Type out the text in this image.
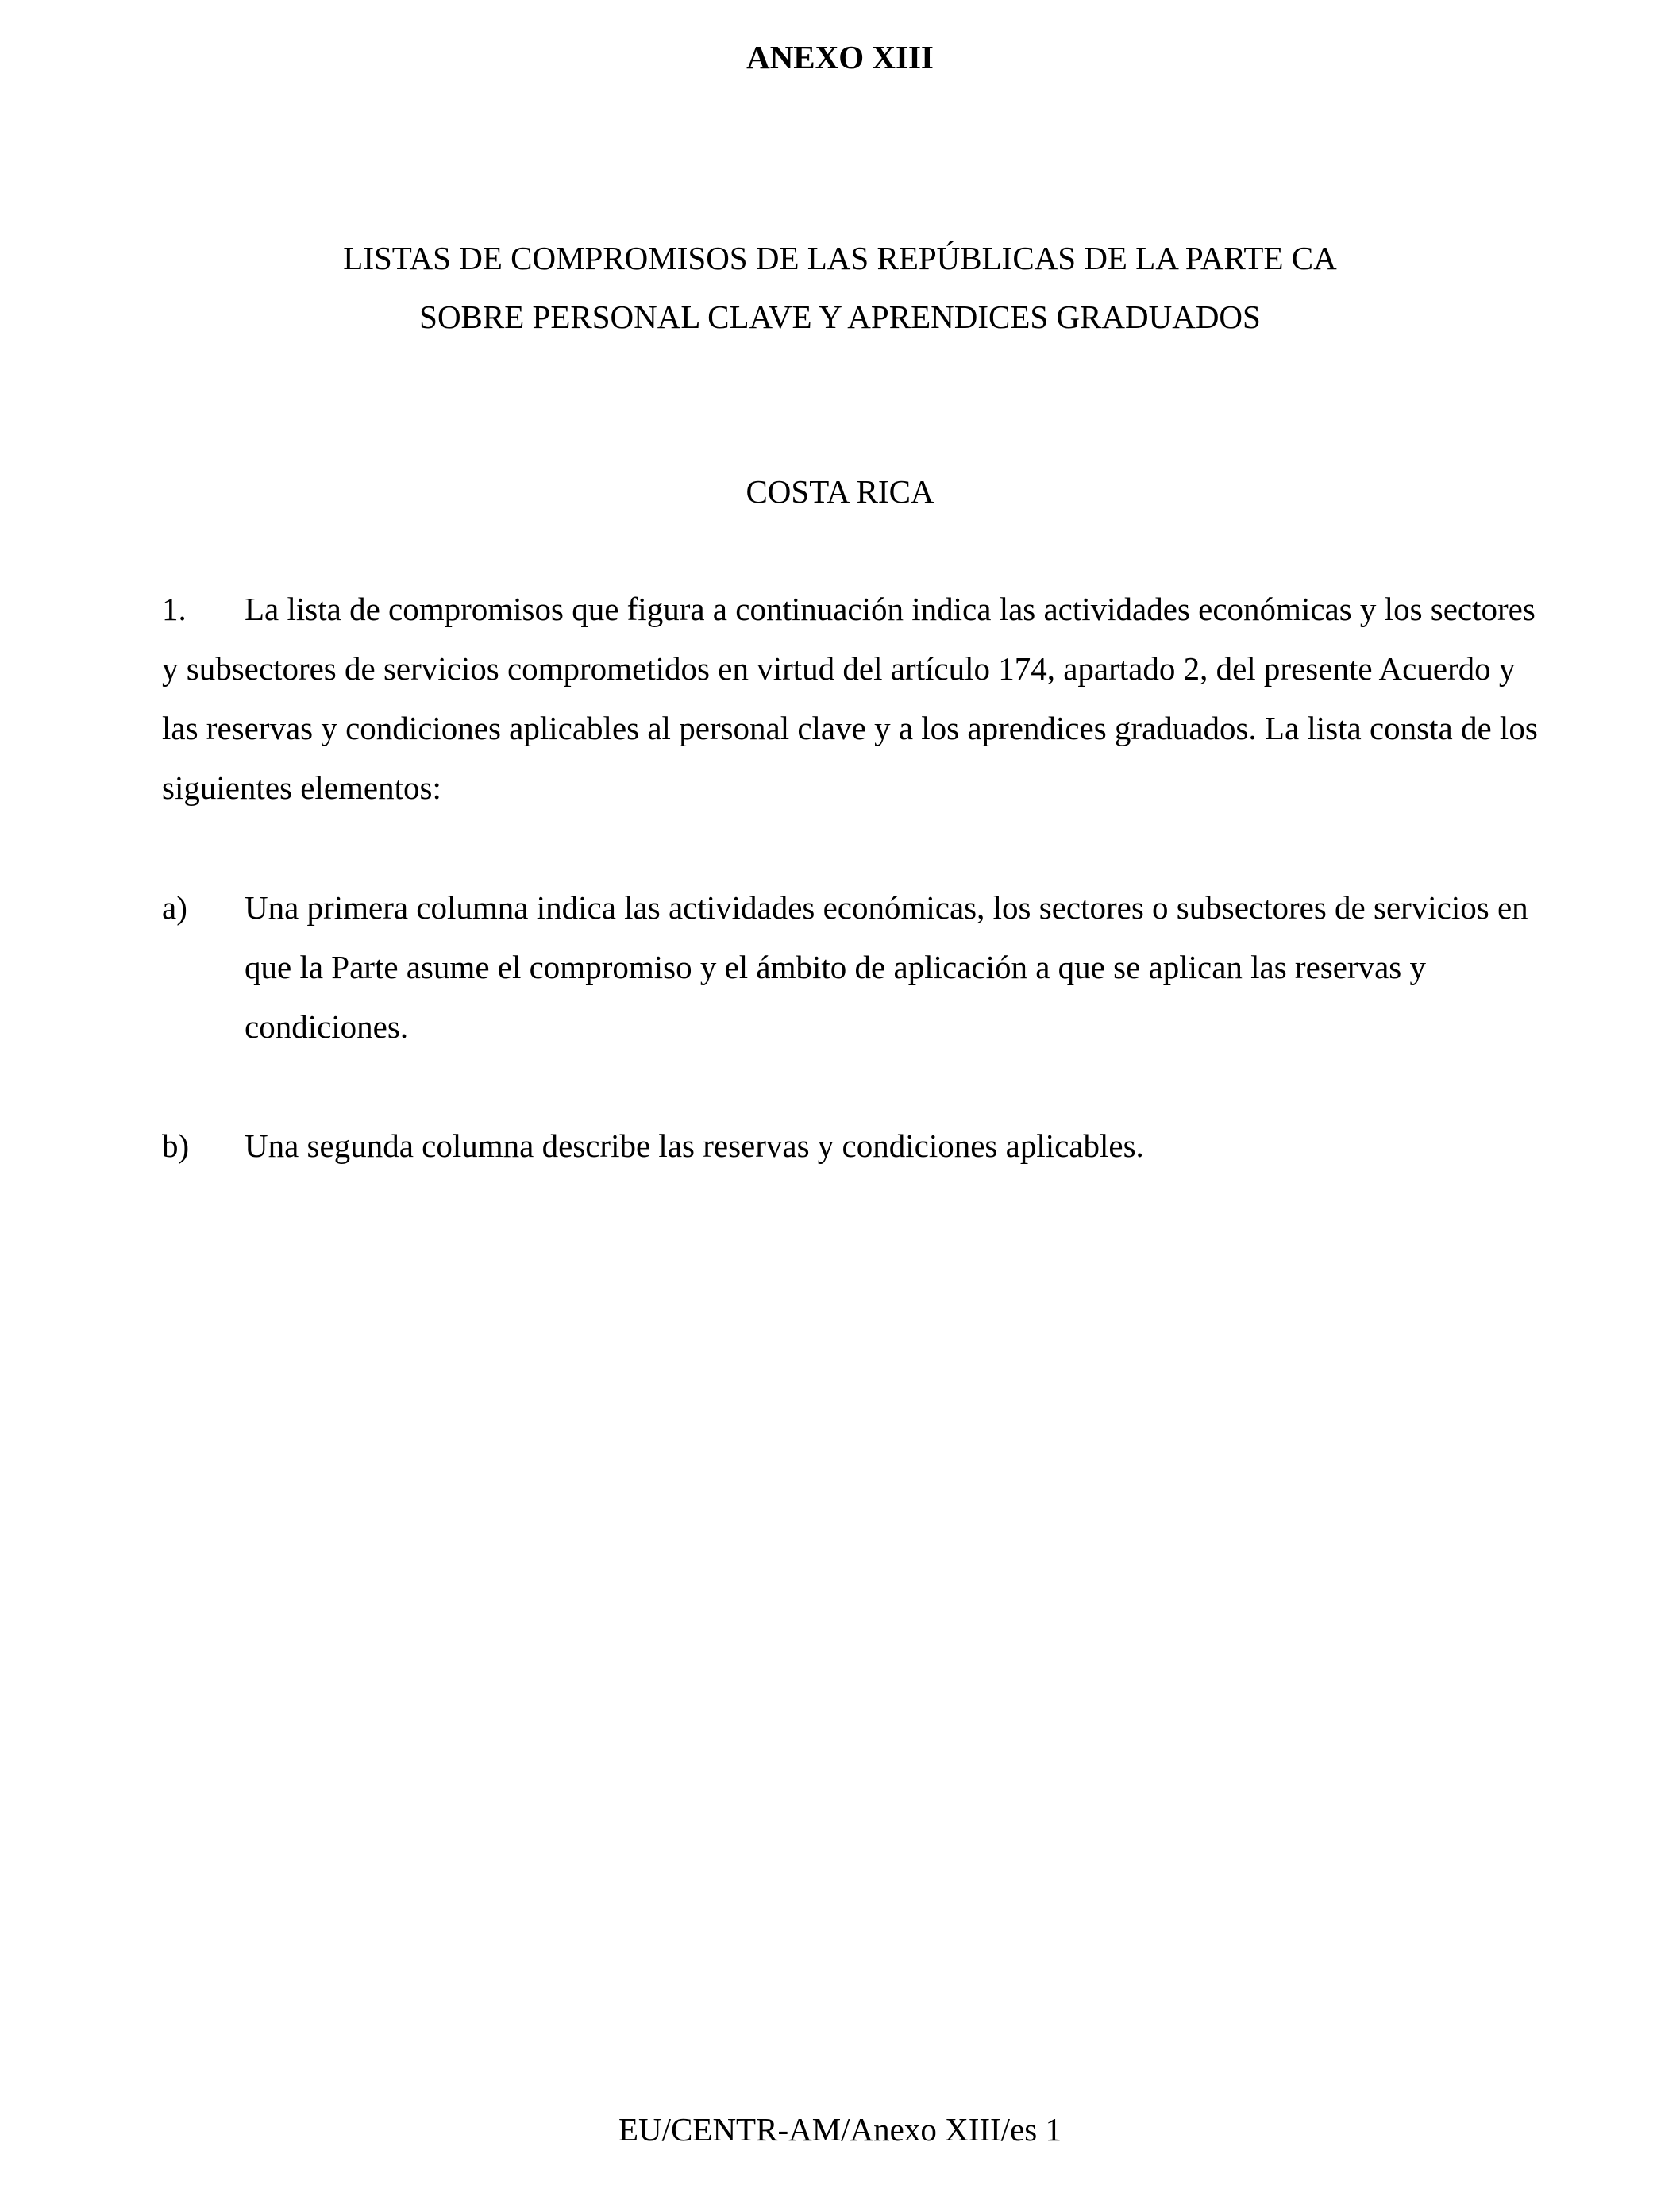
ANEXO XIII
LISTAS DE COMPROMISOS DE LAS REPÚBLICAS DE LA PARTE CA
SOBRE PERSONAL CLAVE Y APRENDICES GRADUADOS
COSTA RICA
1. La lista de compromisos que figura a continuación indica las actividades económicas y los sectores y subsectores de servicios comprometidos en virtud del artículo 174, apartado 2, del presente Acuerdo y las reservas y condiciones aplicables al personal clave y a los aprendices graduados. La lista consta de los siguientes elementos:
a) Una primera columna indica las actividades económicas, los sectores o subsectores de servicios en que la Parte asume el compromiso y el ámbito de aplicación a que se aplican las reservas y condiciones.
b) Una segunda columna describe las reservas y condiciones aplicables.
EU/CENTR-AM/Anexo XIII/es 1
